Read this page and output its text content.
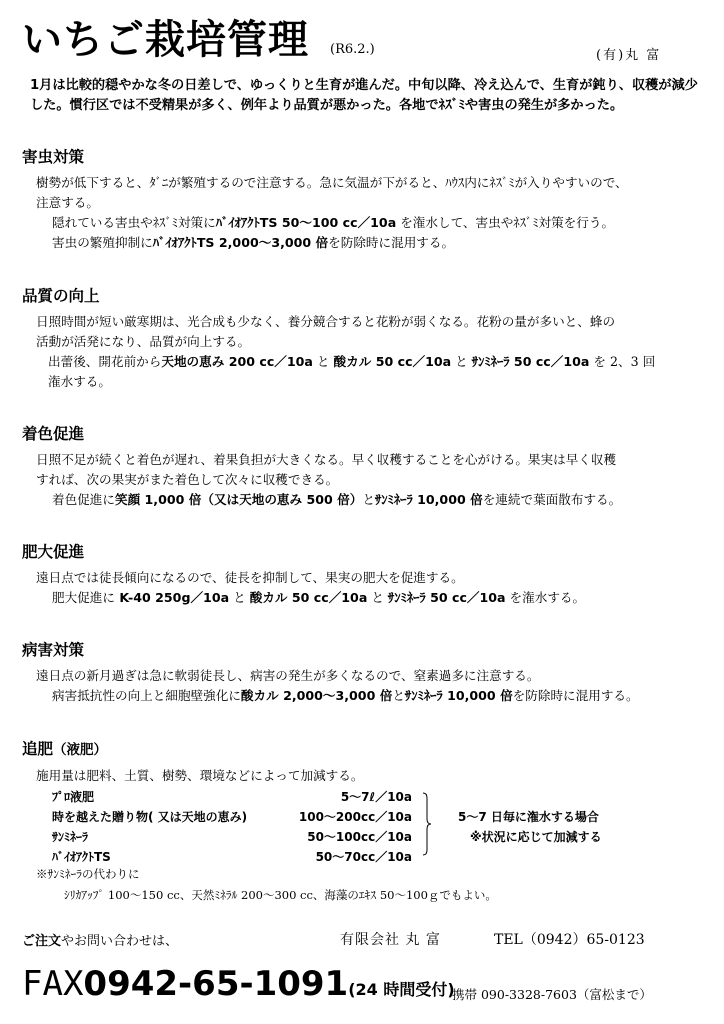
いちご栽培管理 (R6.2.)	(有)丸 富
1月は比較的穏やかな冬の日差しで、ゆっくりと生育が進んだ。中旬以降、冷え込んで、生育が鈍り、収穫が減少した。慣行区では不受精果が多く、例年より品質が悪かった。各地でﾈｽﾞﾐや害虫の発生が多かった。
害虫対策
樹勢が低下すると、ﾀﾞﾆが繁殖するので注意する。急に気温が下がると、ﾊｳｽ内にﾈｽﾞﾐが入りやすいので、
注意する。
隠れている害虫やﾈｽﾞﾐ対策にﾊﾞｲｵｱｸﾄTS 50～100 cc／10a を潅水して、害虫やﾈｽﾞﾐ対策を行う。
害虫の繁殖抑制にﾊﾞｲｵｱｸﾄTS 2,000～3,000 倍を防除時に混用する。
品質の向上
日照時間が短い厳寒期は、光合成も少なく、養分競合すると花粉が弱くなる。花粉の量が多いと、蜂の
活動が活発になり、品質が向上する。
出蕾後、開花前から天地の恵み 200 cc／10a と 酸カル 50 cc／10a と ｻﾝﾐﾈｰﾗ 50 cc／10a を 2、3 回
潅水する。
着色促進
日照不足が続くと着色が遅れ、着果負担が大きくなる。早く収穫することを心がける。果実は早く収穫
すれば、次の果実がまた着色して次々に収穫できる。
着色促進に笑顔 1,000 倍（又は天地の恵み 500 倍）とｻﾝﾐﾈｰﾗ 10,000 倍を連続で葉面散布する。
肥大促進
遠日点では徒長傾向になるので、徒長を抑制して、果実の肥大を促進する。
肥大促進に K-40 250g／10a と 酸カル 50 cc／10a と ｻﾝﾐﾈｰﾗ 50 cc／10a を潅水する。
病害対策
遠日点の新月過ぎは急に軟弱徒長し、病害の発生が多くなるので、窒素過多に注意する。
病害抵抗性の向上と細胞壁強化に酸カル 2,000～3,000 倍とｻﾝﾐﾈｰﾗ 10,000 倍を防除時に混用する。
追肥（液肥）
施用量は肥料、土質、樹勢、環境などによって加減する。
ﾌﾟﾛ液肥	5～7ℓ／10a
時を越えた贈り物( 又は天地の恵み)	100～200cc／10a
ｻﾝﾐﾈｰﾗ	50～100cc／10a
ﾊﾞｲｵｱｸﾄTS	50～70cc／10a
5～7 日毎に潅水する場合
※状況に応じて加減する
※ｻﾝﾐﾈｰﾗの代わりに
ｼﾘｶｱｯﾌﾟ 100～150 cc、天然ﾐﾈﾗﾙ 200～300 cc、海藻のｴｷｽ 50～100ｇでもよい。
ご注文やお問い合わせは、	有限会社 丸 富	TEL（0942）65-0123
FAX0942-65-1091(24 時間受付)
携帯 090-3328-7603（富松まで）
